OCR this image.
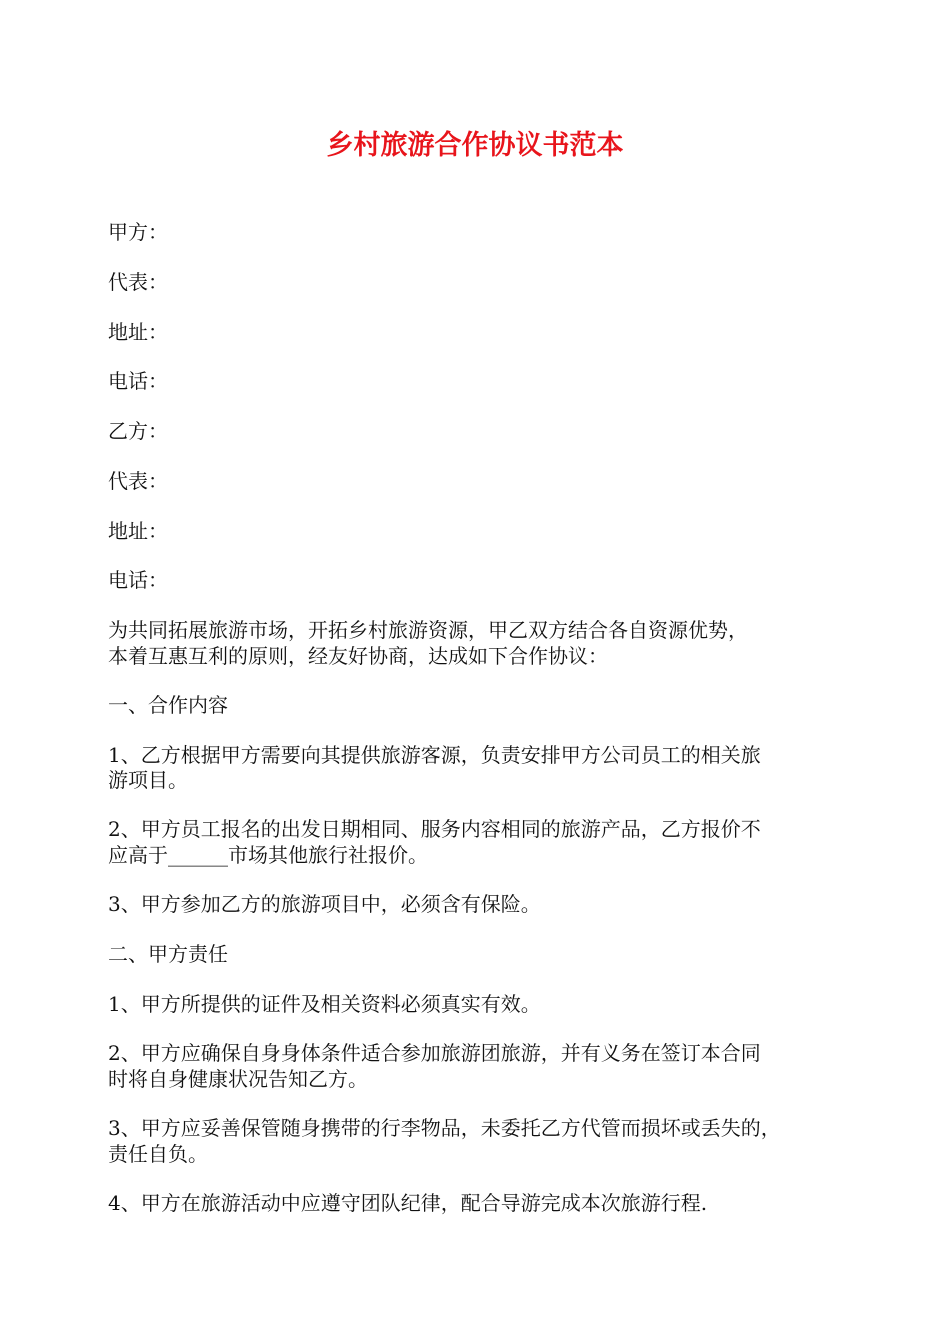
乡村旅游合作协议书范本
甲方：
代表：
地址：
电话：
乙方：
代表：
地址：
电话：
为共同拓展旅游市场，开拓乡村旅游资源，甲乙双方结合各自资源优势，
本着互惠互利的原则，经友好协商，达成如下合作协议：
一、合作内容
1、乙方根据甲方需要向其提供旅游客源，负责安排甲方公司员工的相关旅
游项目。
2、甲方员工报名的出发日期相同、服务内容相同的旅游产品，乙方报价不
应高于______市场其他旅行社报价。
3、甲方参加乙方的旅游项目中，必须含有保险。
二、甲方责任
1、甲方所提供的证件及相关资料必须真实有效。
2、甲方应确保自身身体条件适合参加旅游团旅游，并有义务在签订本合同
时将自身健康状况告知乙方。
3、甲方应妥善保管随身携带的行李物品，未委托乙方代管而损坏或丢失的，
责任自负。
4、甲方在旅游活动中应遵守团队纪律，配合导游完成本次旅游行程.
